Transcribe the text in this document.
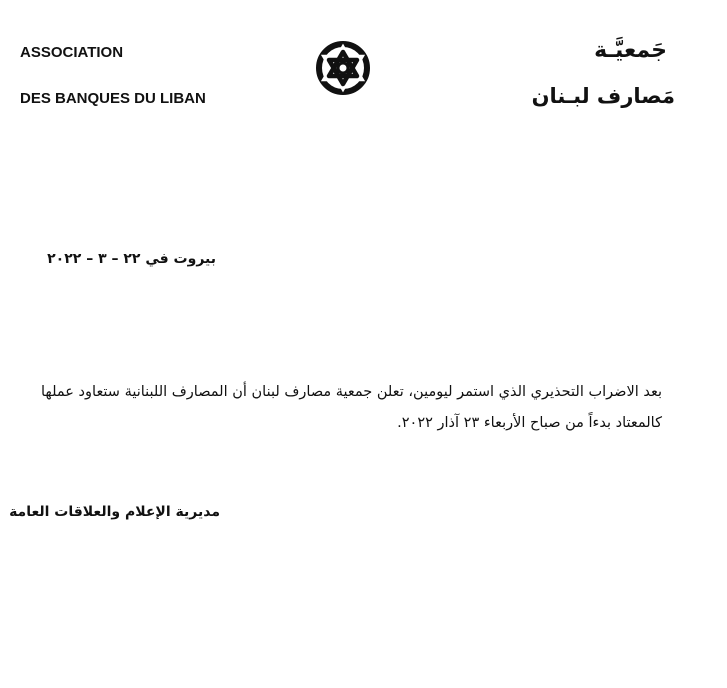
ASSOCIATION
DES BANQUES DU LIBAN
جَمعيَّـة
مَصارف لبـنان
بيروت في ٢٢ – ٣ – ٢٠٢٢
بعد الاضراب التحذيري الذي استمر ليومين، تعلن جمعية مصارف لبنان أن المصارف اللبنانية ستعاود عملها كالمعتاد بدءاً من صباح الأربعاء ٢٣ آذار ٢٠٢٢.
مديرية الإعلام والعلاقات العامة
